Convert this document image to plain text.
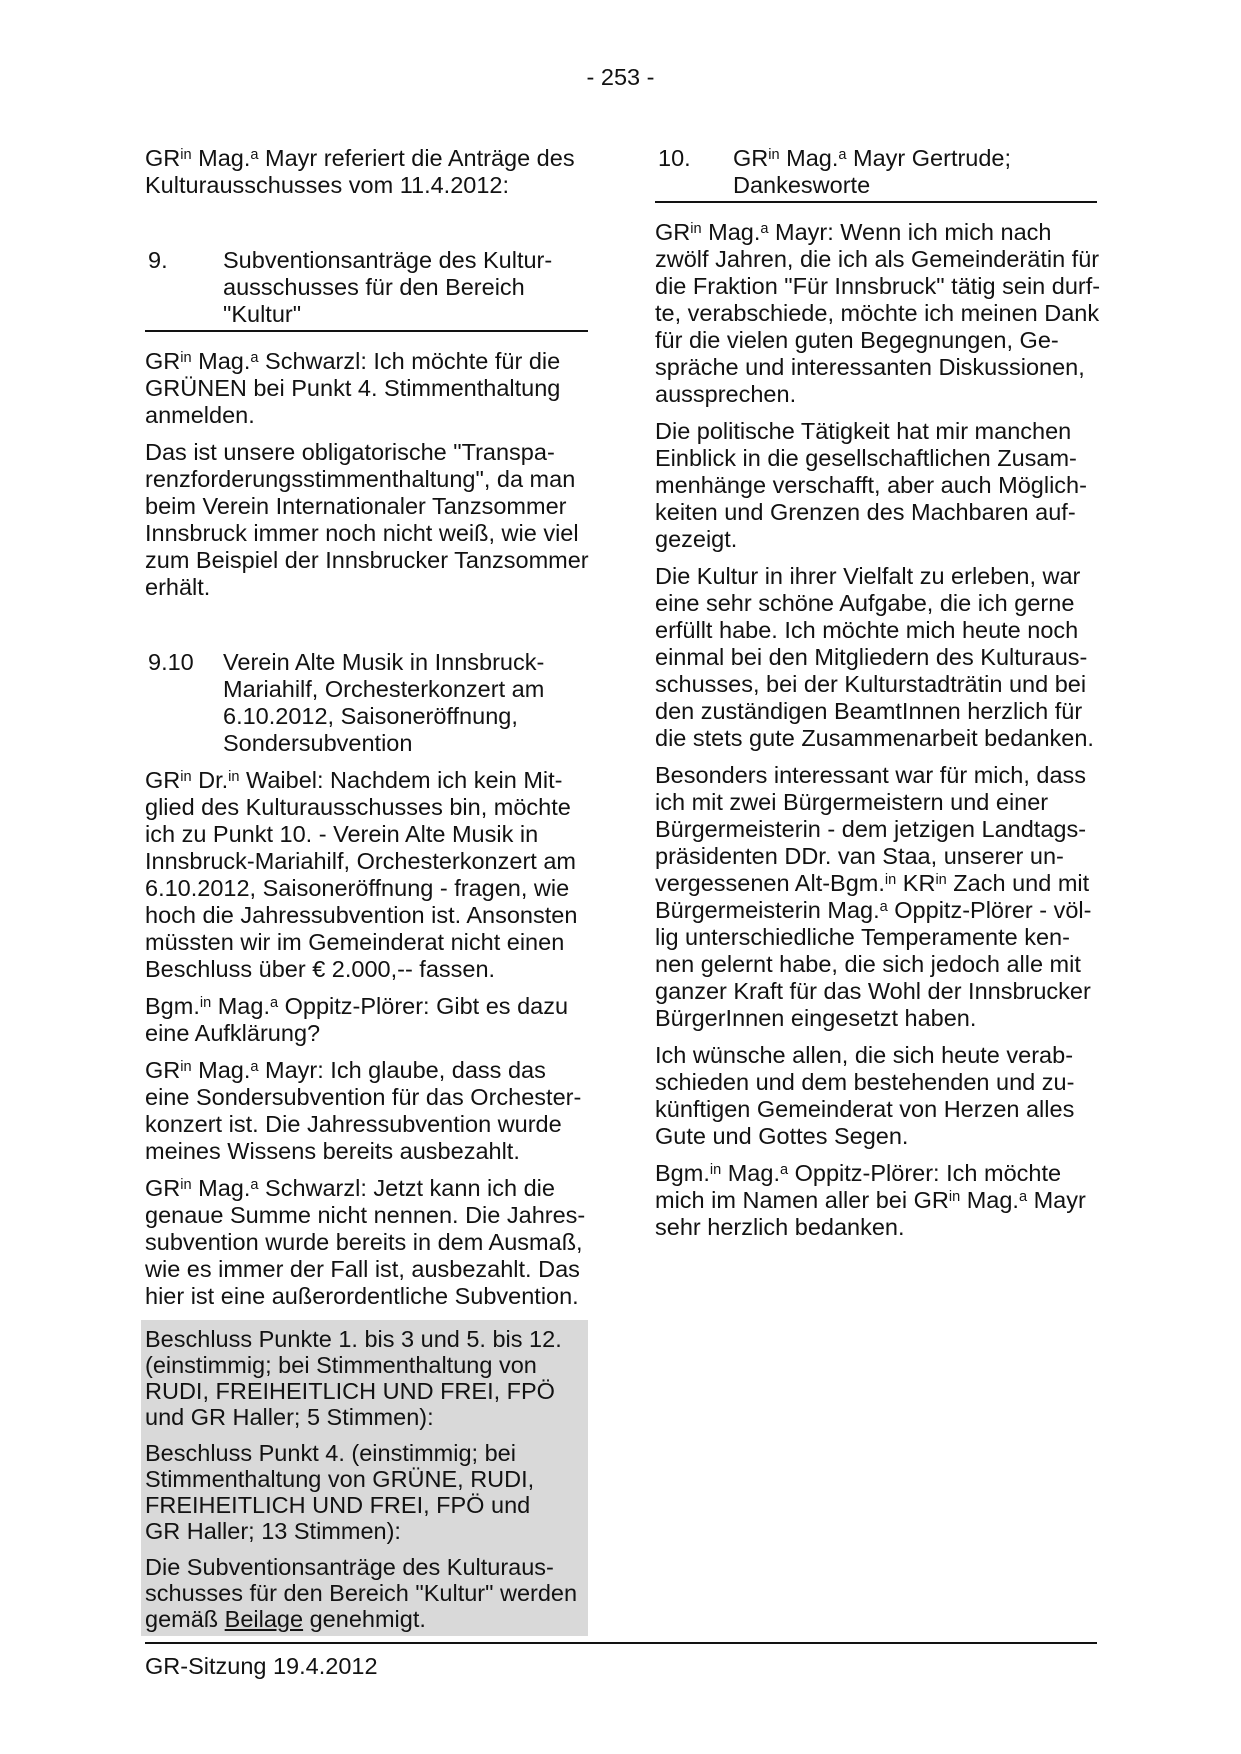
- 253 -
$GR^{in}$ Mag.$^a$ Mayr referiert die Anträge des
Kulturausschusses vom 11.4.2012:
9. Subventionsanträge des Kultur-
ausschusses für den Bereich
"Kultur"
$GR^{in}$ Mag.$^a$ Schwarzl: Ich möchte für die
GRÜNEN bei Punkt 4. Stimmenthaltung
anmelden.
Das ist unsere obligatorische "Transpa-
renzforderungsstimmenthaltung", da man
beim Verein Internationaler Tanzsommer
Innsbruck immer noch nicht weiß, wie viel
zum Beispiel der Innsbrucker Tanzsommer
erhält.
9.10 Verein Alte Musik in Innsbruck-
Mariahilf, Orchesterkonzert am
6.10.2012, Saisoneröffnung,
Sondersubvention
$GR^{in}$ Dr.$^{in}$ Waibel: Nachdem ich kein Mit-
glied des Kulturausschusses bin, möchte
ich zu Punkt 10. - Verein Alte Musik in
Innsbruck-Mariahilf, Orchesterkonzert am
6.10.2012, Saisoneröffnung - fragen, wie
hoch die Jahressubvention ist. Ansonsten
müssten wir im Gemeinderat nicht einen
Beschluss über € 2.000,-- fassen.
Bgm.$^{in}$ Mag.$^a$ Oppitz-Plörer: Gibt es dazu
eine Aufklärung?
$GR^{in}$ Mag.$^a$ Mayr: Ich glaube, dass das
eine Sondersubvention für das Orchester-
konzert ist. Die Jahressubvention wurde
meines Wissens bereits ausbezahlt.
$GR^{in}$ Mag.$^a$ Schwarzl: Jetzt kann ich die
genaue Summe nicht nennen. Die Jahres-
subvention wurde bereits in dem Ausmaß,
wie es immer der Fall ist, ausbezahlt. Das
hier ist eine außerordentliche Subvention.
Beschluss Punkte 1. bis 3 und 5. bis 12.
(einstimmig; bei Stimmenthaltung von
RUDI, FREIHEITLICH UND FREI, FPÖ
und GR Haller; 5 Stimmen):
Beschluss Punkt 4. (einstimmig; bei
Stimmenthaltung von GRÜNE, RUDI,
FREIHEITLICH UND FREI, FPÖ und
GR Haller; 13 Stimmen):
Die Subventionsanträge des Kulturaus-
schusses für den Bereich "Kultur" werden
gemäß Beilage genehmigt.
10. $GR^{in}$ Mag.$^a$ Mayr Gertrude;
Dankesworte
$GR^{in}$ Mag.$^a$ Mayr: Wenn ich mich nach
zwölf Jahren, die ich als Gemeinderätin für
die Fraktion "Für Innsbruck" tätig sein durf-
te, verabschiede, möchte ich meinen Dank
für die vielen guten Begegnungen, Ge-
spräche und interessanten Diskussionen,
aussprechen.
Die politische Tätigkeit hat mir manchen
Einblick in die gesellschaftlichen Zusam-
menhänge verschafft, aber auch Möglich-
keiten und Grenzen des Machbaren auf-
gezeigt.
Die Kultur in ihrer Vielfalt zu erleben, war
eine sehr schöne Aufgabe, die ich gerne
erfüllt habe. Ich möchte mich heute noch
einmal bei den Mitgliedern des Kulturaus-
schusses, bei der Kulturstadträtin und bei
den zuständigen BeamtInnen herzlich für
die stets gute Zusammenarbeit bedanken.
Besonders interessant war für mich, dass
ich mit zwei Bürgermeistern und einer
Bürgermeisterin - dem jetzigen Landtags-
präsidenten DDr. van Staa, unserer un-
vergessenen Alt-Bgm.$^{in}$ $KR^{in}$ Zach und mit
Bürgermeisterin Mag.$^a$ Oppitz-Plörer - völ-
lig unterschiedliche Temperamente ken-
nen gelernt habe, die sich jedoch alle mit
ganzer Kraft für das Wohl der Innsbrucker
BürgerInnen eingesetzt haben.
Ich wünsche allen, die sich heute verab-
schieden und dem bestehenden und zu-
künftigen Gemeinderat von Herzen alles
Gute und Gottes Segen.
Bgm.$^{in}$ Mag.$^a$ Oppitz-Plörer: Ich möchte
mich im Namen aller bei $GR^{in}$ Mag.$^a$ Mayr
sehr herzlich bedanken.
GR-Sitzung 19.4.2012
